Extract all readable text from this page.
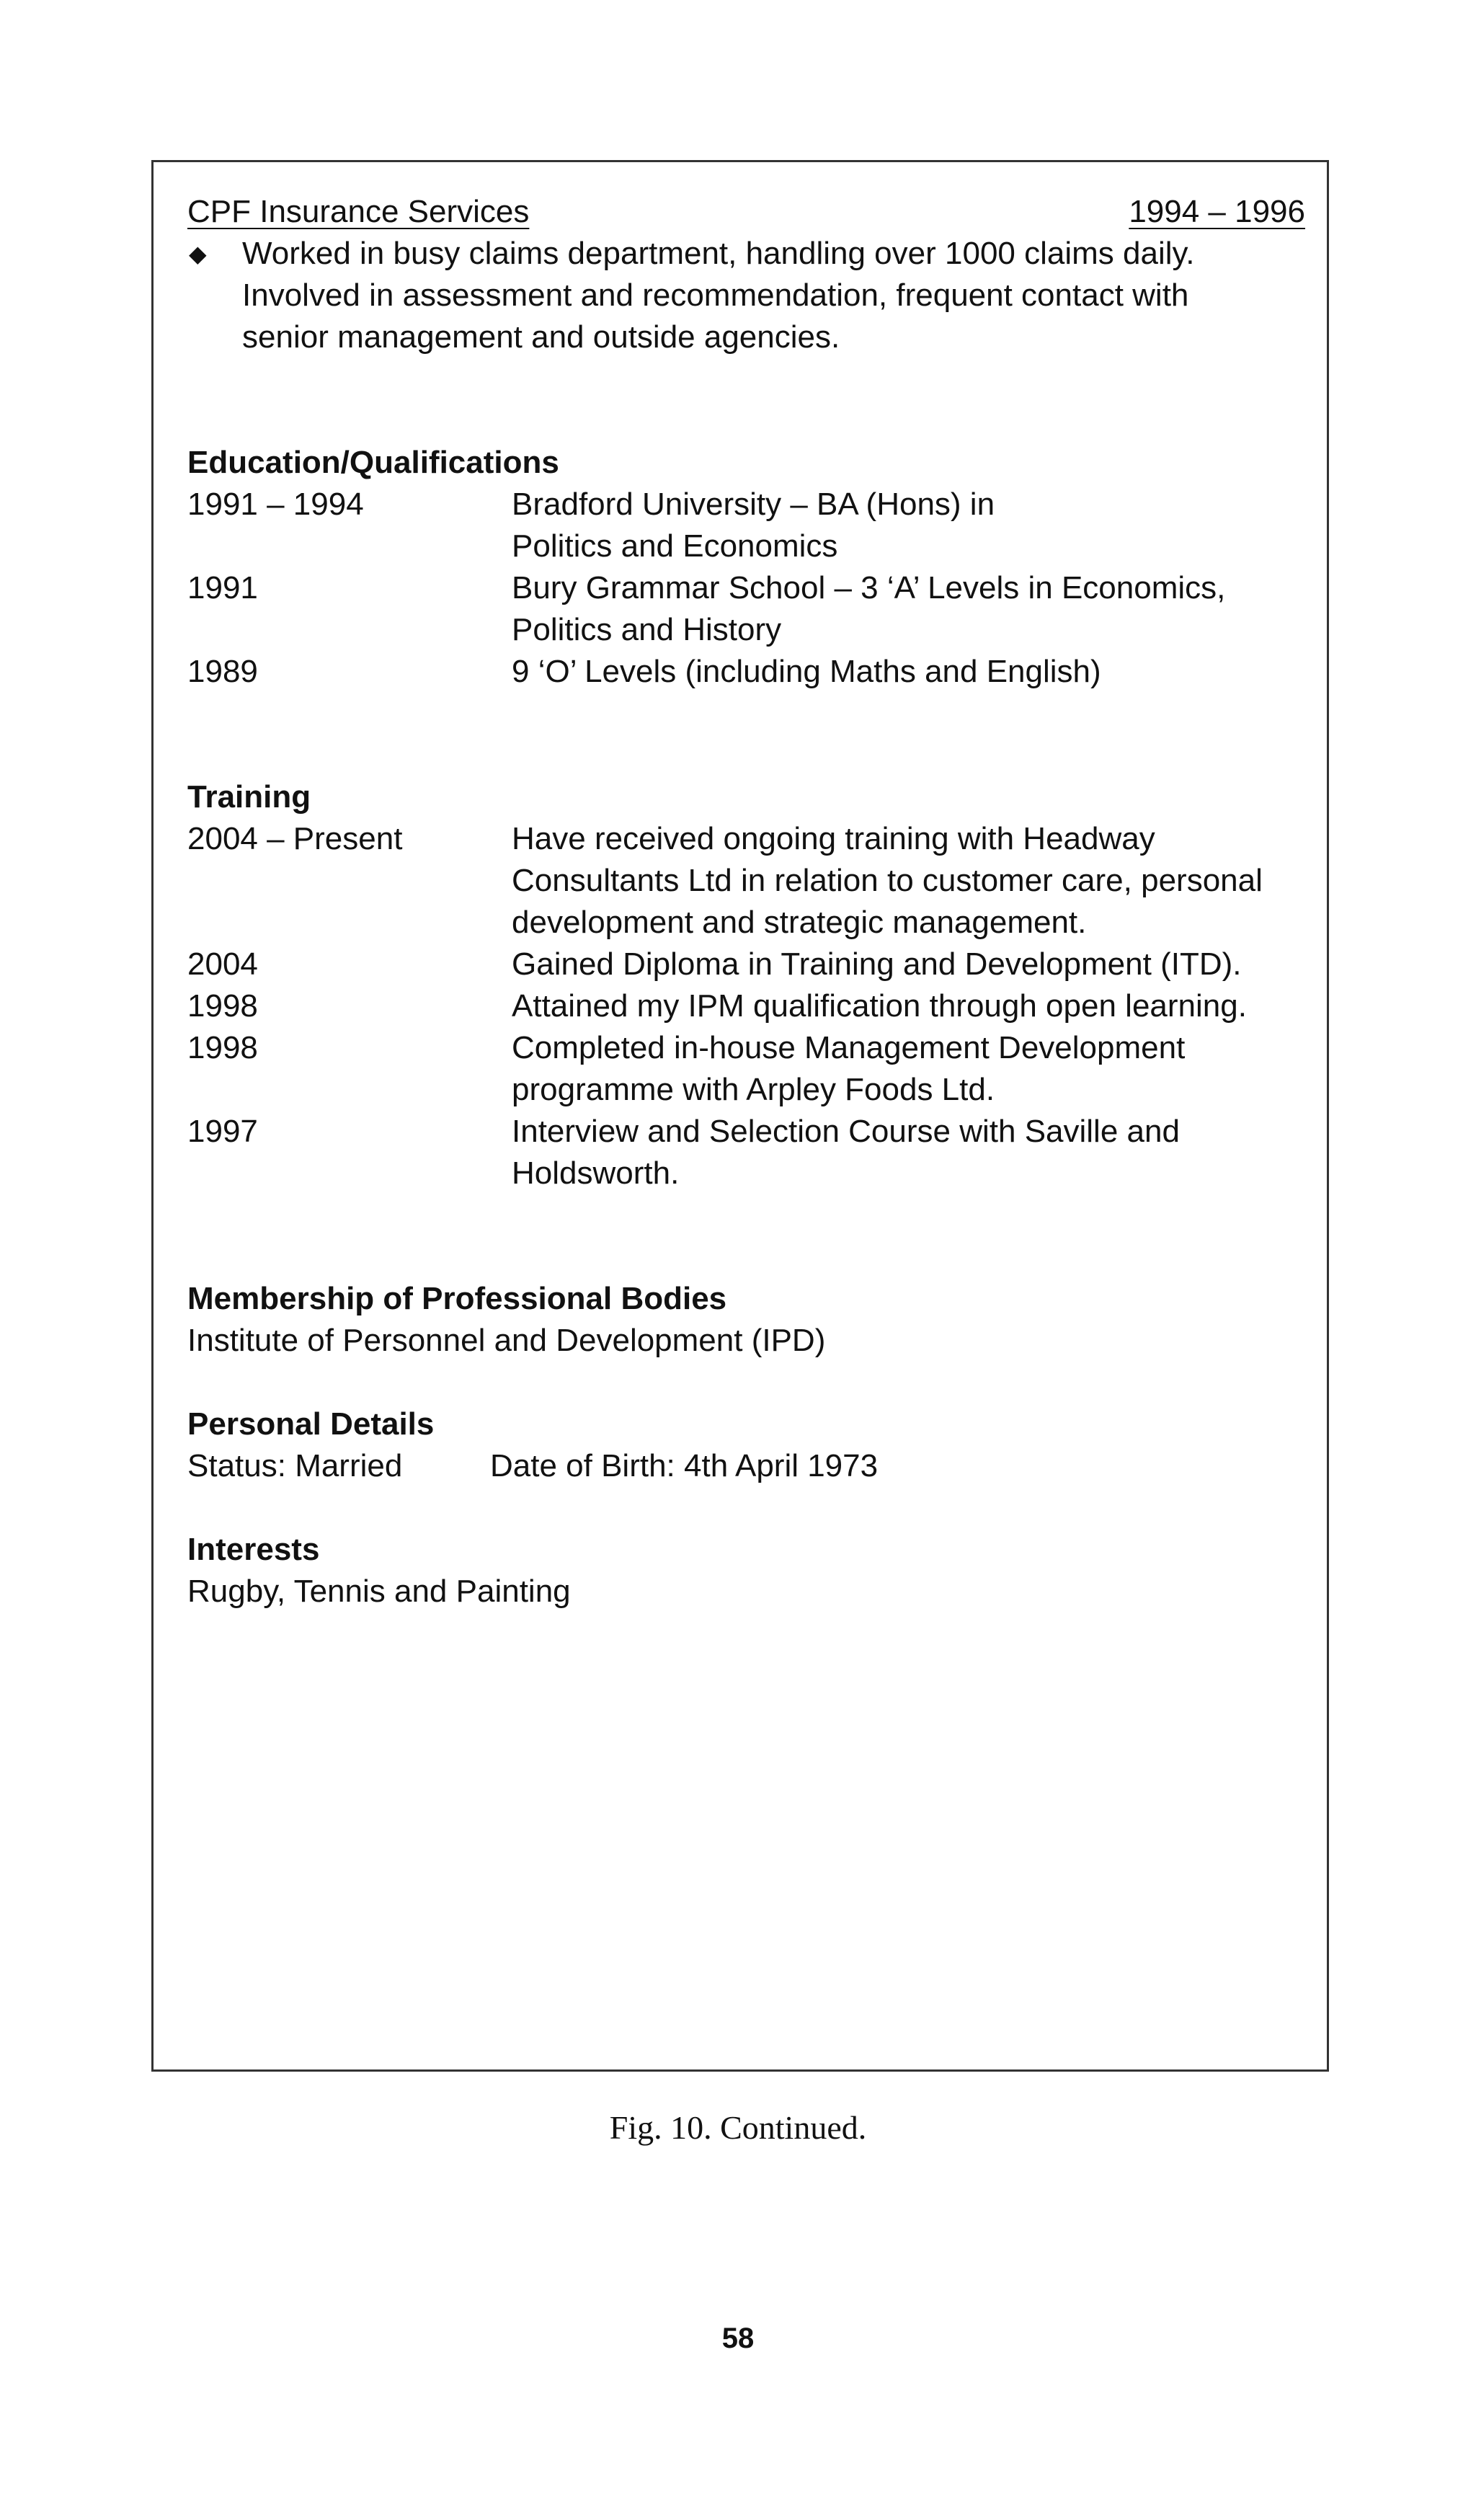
CPF Insurance Services	1994 – 1996
◆	Worked in busy claims department, handling over 1000 claims daily.
Involved in assessment and recommendation, frequent contact with
senior management and outside agencies.
Education/Qualifications
1991 – 1994	Bradford University – BA (Hons) in
Politics and Economics
1991	Bury Grammar School – 3 ‘A’ Levels in Economics,
Politics and History
1989	9 ‘O’ Levels (including Maths and English)
Training
2004 – Present	Have received ongoing training with Headway
Consultants Ltd in relation to customer care, personal
development and strategic management.
2004	Gained Diploma in Training and Development (ITD).
1998	Attained my IPM qualification through open learning.
1998	Completed in-house Management Development
programme with Arpley Foods Ltd.
1997	Interview and Selection Course with Saville and
Holdsworth.
Membership of Professional Bodies
Institute of Personnel and Development (IPD)
Personal Details
Status: Married	Date of Birth: 4th April 1973
Interests
Rugby, Tennis and Painting
Fig. 10. Continued.
58
